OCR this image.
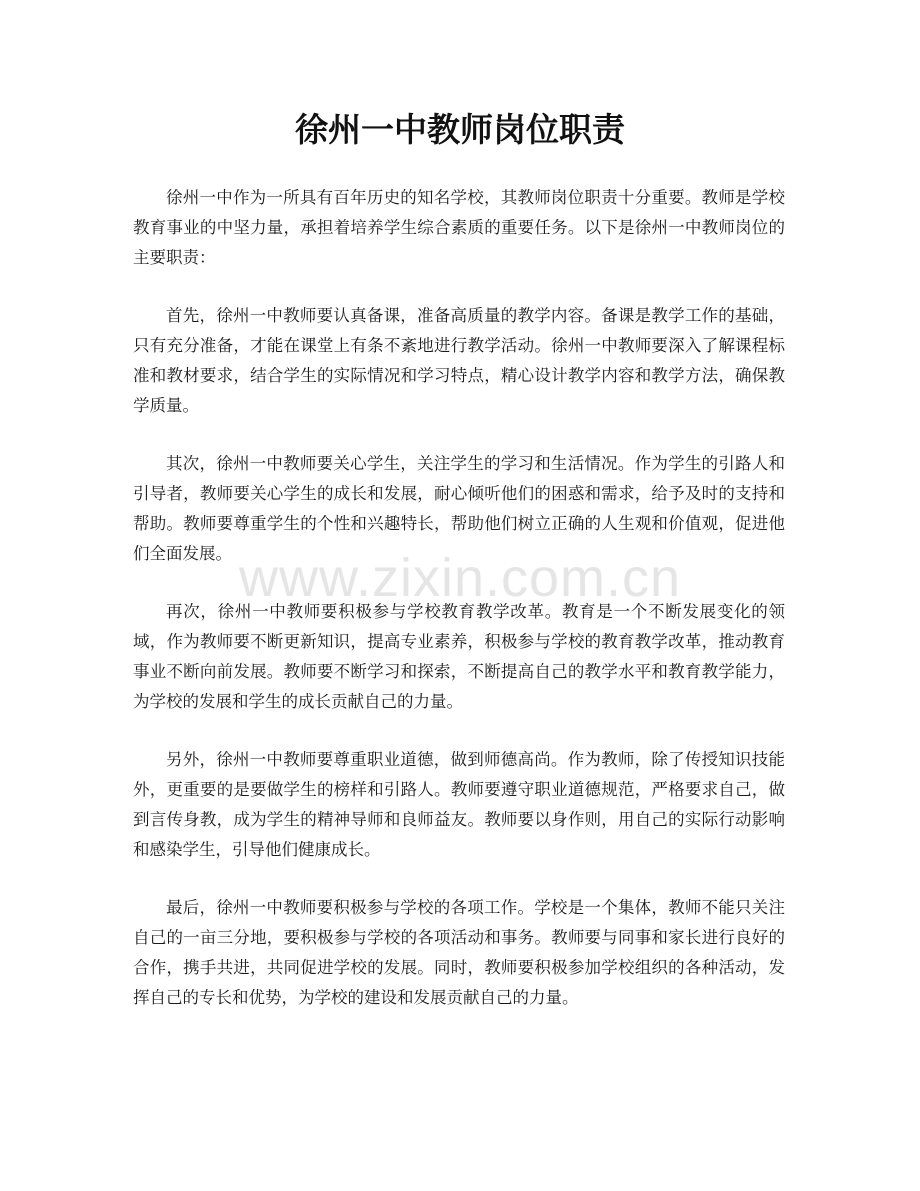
徐州一中教师岗位职责

徐州一中作为一所具有百年历史的知名学校，其教师岗位职责十分重要。教师是学校教育事业的中坚力量，承担着培养学生综合素质的重要任务。以下是徐州一中教师岗位的主要职责：

首先，徐州一中教师要认真备课，准备高质量的教学内容。备课是教学工作的基础，只有充分准备，才能在课堂上有条不紊地进行教学活动。徐州一中教师要深入了解课程标准和教材要求，结合学生的实际情况和学习特点，精心设计教学内容和教学方法，确保教学质量。

其次，徐州一中教师要关心学生，关注学生的学习和生活情况。作为学生的引路人和引导者，教师要关心学生的成长和发展，耐心倾听他们的困惑和需求，给予及时的支持和帮助。教师要尊重学生的个性和兴趣特长，帮助他们树立正确的人生观和价值观，促进他们全面发展。

再次，徐州一中教师要积极参与学校教育教学改革。教育是一个不断发展变化的领域，作为教师要不断更新知识，提高专业素养，积极参与学校的教育教学改革，推动教育事业不断向前发展。教师要不断学习和探索，不断提高自己的教学水平和教育教学能力，为学校的发展和学生的成长贡献自己的力量。

另外，徐州一中教师要尊重职业道德，做到师德高尚。作为教师，除了传授知识技能外，更重要的是要做学生的榜样和引路人。教师要遵守职业道德规范，严格要求自己，做到言传身教，成为学生的精神导师和良师益友。教师要以身作则，用自己的实际行动影响和感染学生，引导他们健康成长。

最后，徐州一中教师要积极参与学校的各项工作。学校是一个集体，教师不能只关注自己的一亩三分地，要积极参与学校的各项活动和事务。教师要与同事和家长进行良好的合作，携手共进，共同促进学校的发展。同时，教师要积极参加学校组织的各种活动，发挥自己的专长和优势，为学校的建设和发展贡献自己的力量。

www.zixin.com.cn
